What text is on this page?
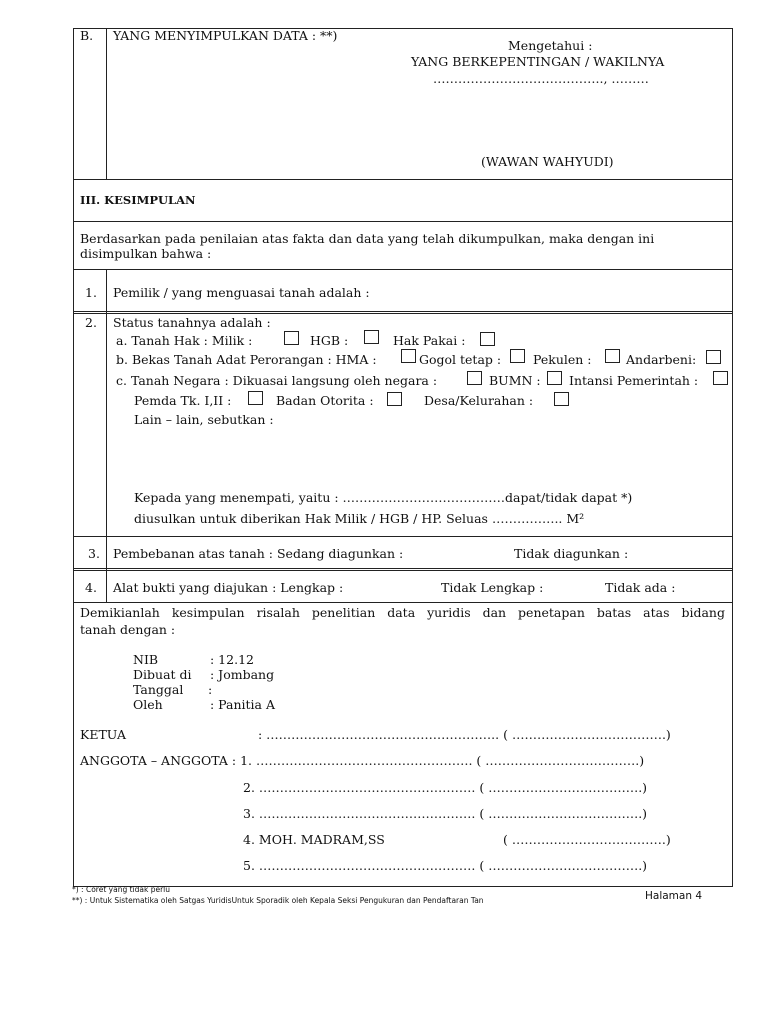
B. YANG MENYIMPULKAN DATA : **)
Mengetahui :
YANG BERKEPENTINGAN / WAKILNYA
………………………………….., ………
(WAWAN WAHYUDI)
III. KESIMPULAN
Berdasarkan pada penilaian atas fakta dan data yang telah dikumpulkan, maka dengan ini
disimpulkan bahwa :
1. Pemilik / yang menguasai tanah adalah :
2. Status tanahnya adalah :
a. Tanah Hak : Milik :	HGB :	Hak Pakai :
b. Bekas Tanah Adat Perorangan : HMA :	Gogol tetap :	Pekulen :	Andarbeni:
c. Tanah Negara : Dikuasai langsung oleh negara :	BUMN : Intansi Pemerintah :
Pemda Tk. I,II :	Badan Otorita :	Desa/Kelurahan :
Lain – lain, sebutkan :
Kepada yang menempati, yaitu : …………………………………dapat/tidak dapat *)
diusulkan untuk diberikan Hak Milik / HGB / HP. Seluas …………….. M²
3. Pembebanan atas tanah : Sedang diagunkan :	Tidak diagunkan :
4. Alat bukti yang diajukan : Lengkap :	Tidak Lengkap :	Tidak ada :
Demikianlah kesimpulan risalah penelitian data yuridis dan penetapan batas atas bidang
tanah dengan :
NIB	: 12.12
Dibuat di : Jombang
Tanggal :
Oleh	: Panitia A
KETUA	: ……………………………………………….. ( ……………………………….)
ANGGOTA – ANGGOTA : 1. ……………………………………………. ( ……………………………….)
2. ……………………………………………. ( ……………………………….)
3. ……………………………………………. ( ……………………………….)
4. MOH. MADRAM,SS	( ……………………………….)
5. ……………………………………………. ( ……………………………….)
*) : Coret yang tidak perlu
**) : Untuk Sistematika oleh Satgas YuridisUntuk Sporadik oleh Kepala Seksi Pengukuran dan Pendaftaran Tan	Halaman 4
